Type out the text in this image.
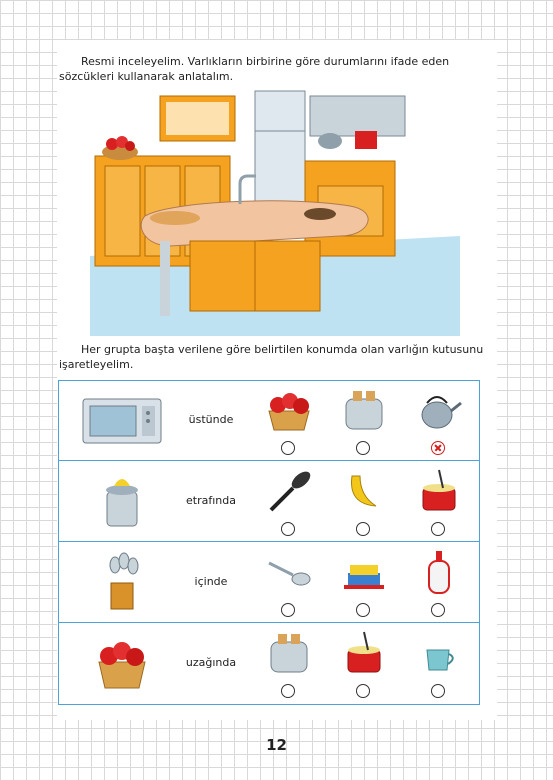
Resmi inceleyelim. Varlıkların birbirine göre durumlarını ifade eden sözcükleri kullanarak anlatalım.
Her grupta başta verilene göre belirtilen konumda olan varlığın kutusunu işaretleyelim.
üstünde
etrafında
içinde
uzağında
12
